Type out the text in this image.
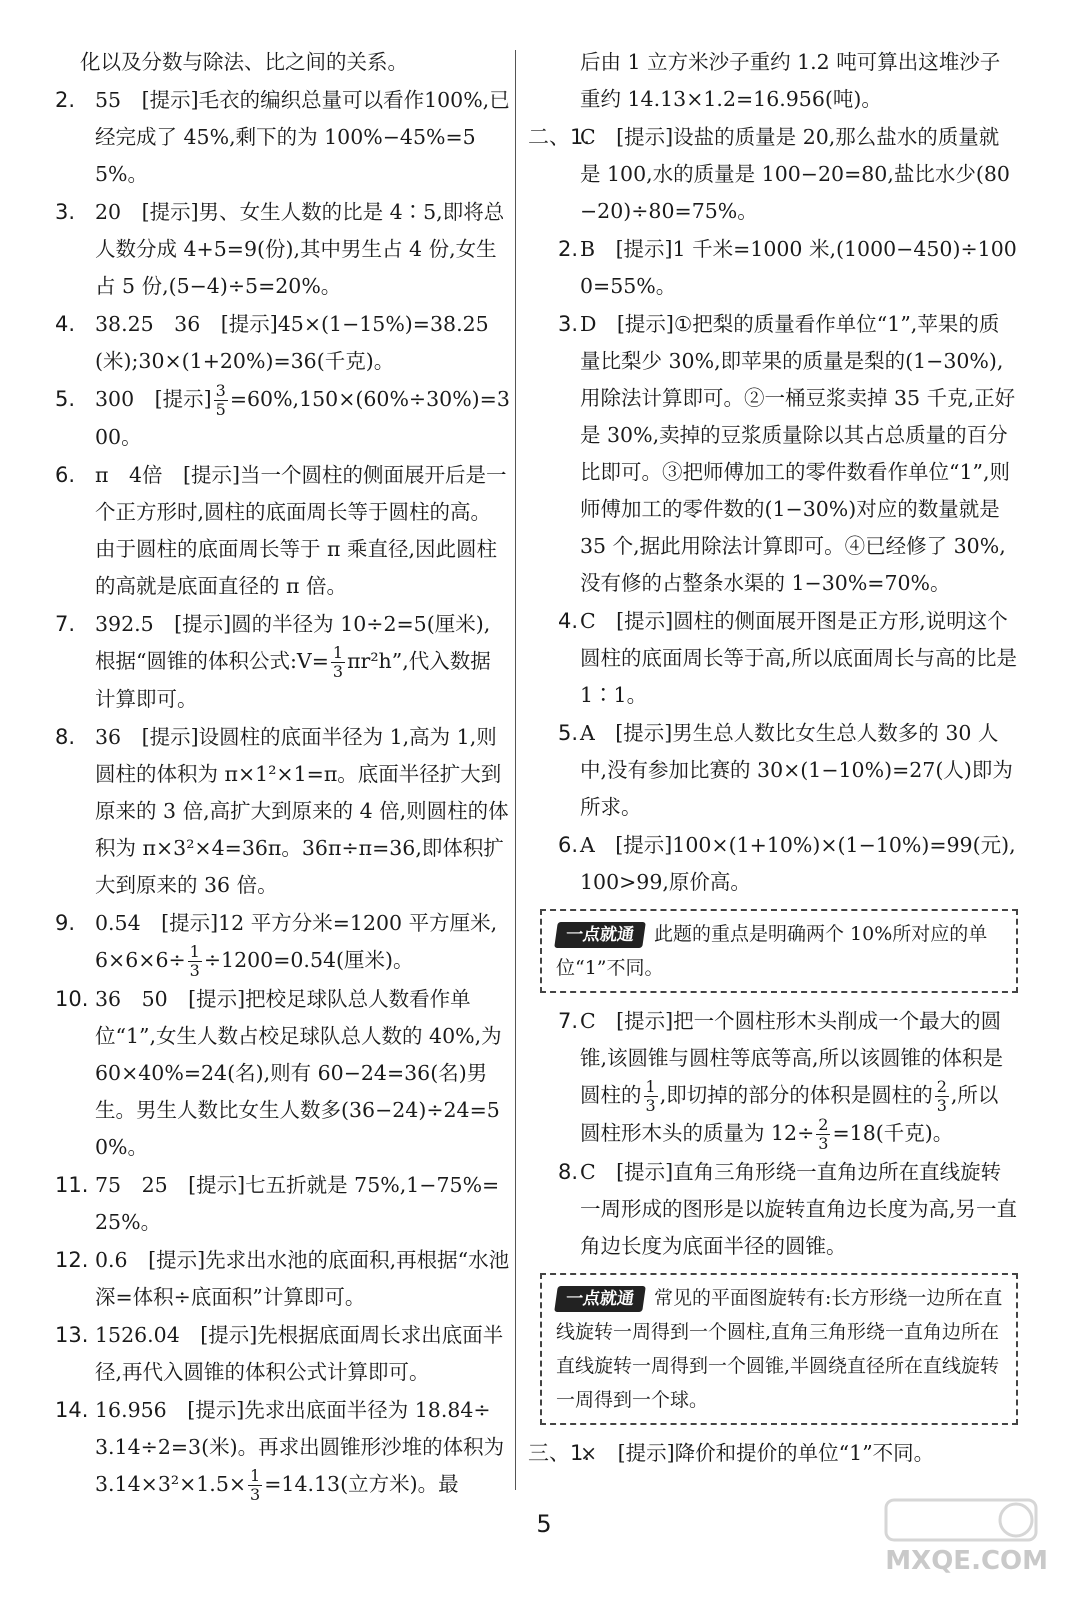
化以及分数与除法、比之间的关系。
2. 55　[提示]毛衣的编织总量可以看作100%,已经完成了 45%,剩下的为 100%−45%=55%。
3. 20　[提示]男、女生人数的比是 4∶5,即将总人数分成 4+5=9(份),其中男生占 4 份,女生占 5 份,(5−4)÷5=20%。
4. 38.25　36　[提示]45×(1−15%)=38.25(米);30×(1+20%)=36(千克)。
5. 300　[提示] $\frac{3}{5} =60\%,150\times(60\%\div 30\%)=300$。
6. π　4倍　[提示]当一个圆柱的侧面展开后是一个正方形时,圆柱的底面周长等于圆柱的高。由于圆柱的底面周长等于 π 乘直径,因此圆柱的高就是底面直径的 π 倍。
7. 392.5　[提示]圆的半径为 10÷2=5(厘米),根据“圆锥的体积公式:V= $\frac{1}{3} \pi r^2h$”,代入数据计算即可。
8. 36　[提示]设圆柱的底面半径为 1,高为 1,则圆柱的体积为 π×1²×1=π。底面半径扩大到原来的 3 倍,高扩大到原来的 4 倍,则圆柱的体积为 π×3²×4=36π。36π÷π=36,即体积扩大到原来的 36 倍。
9. 0.54　[提示]12 平方分米=1200 平方厘米$,6\times 6\times 6\div \frac{1}{3} \div 1200=0.54$(厘米)。
10. 36　50　[提示]把校足球队总人数看作单位“1”,女生人数占校足球队总人数的 40%,为 60×40%=24(名),则有 60−24=36(名)男生。男生人数比女生人数多(36−24)÷24=50%。
11. 75　25　[提示]七五折就是 75%,1−75%=25%。
12. 0.6　[提示]先求出水池的底面积,再根据“水池深=体积÷底面积”计算即可。
13. 1526.04　[提示]先根据底面周长求出底面半径,再代入圆锥的体积公式计算即可。
14. 16.956　[提示]先求出底面半径为 18.84÷3.14÷2=3(米)。再求出圆锥形沙堆的体积为 $3.14\times 3^2\times 1.5\times \frac{1}{3} =14.13$(立方米)。最
后由 1 立方米沙子重约 1.2 吨可算出这堆沙子重约 14.13×1.2=16.956(吨)。
二、1.
C　[提示]设盐的质量是 20,那么盐水的质量就是 100,水的质量是 100−20=80,盐比水少(80−20)÷80=75%。
2. B　[提示]1 千米=1000 米,(1000−450)÷1000=55%。
3. D　[提示]①把梨的质量看作单位“1”,苹果的质量比梨少 30%,即苹果的质量是梨的(1−30%),用除法计算即可。②一桶豆浆卖掉 35 千克,正好是 30%,卖掉的豆浆质量除以其占总质量的百分比即可。③把师傅加工的零件数看作单位“1”,则师傅加工的零件数的(1−30%)对应的数量就是 35 个,据此用除法计算即可。④已经修了 30%,没有修的占整条水渠的 1−30%=70%。
4. C　[提示]圆柱的侧面展开图是正方形,说明这个圆柱的底面周长等于高,所以底面周长与高的比是 1∶1。
5. A　[提示]男生总人数比女生总人数多的 30 人中,没有参加比赛的 30×(1−10%)=27(人)即为所求。
6. A　[提示]100×(1+10%)×(1−10%)=99(元),100>99,原价高。
一点就通 此题的重点是明确两个 10%所对应的单位“1”不同。
7. C　[提示]把一个圆柱形木头削成一个最大的圆锥,该圆锥与圆柱等底等高,所以该圆锥的体积是圆柱的 $\frac{1}{3}$ ,即切掉的部分的体积是圆柱的 $\frac{2}{3}$ ,所以圆柱形木头的质量为 $12\div \frac{2}{3} =18$(千克)。
8. C　[提示]直角三角形绕一直角边所在直线旋转一周形成的图形是以旋转直角边长度为高,另一直角边长度为底面半径的圆锥。
一点就通 常见的平面图旋转有:长方形绕一边所在直线旋转一周得到一个圆柱,直角三角形绕一直角边所在直线旋转一周得到一个圆锥,半圆绕直径所在直线旋转一周得到一个球。
三、1.
×　[提示]降价和提价的单位“1”不同。
5
MXQE.COM
